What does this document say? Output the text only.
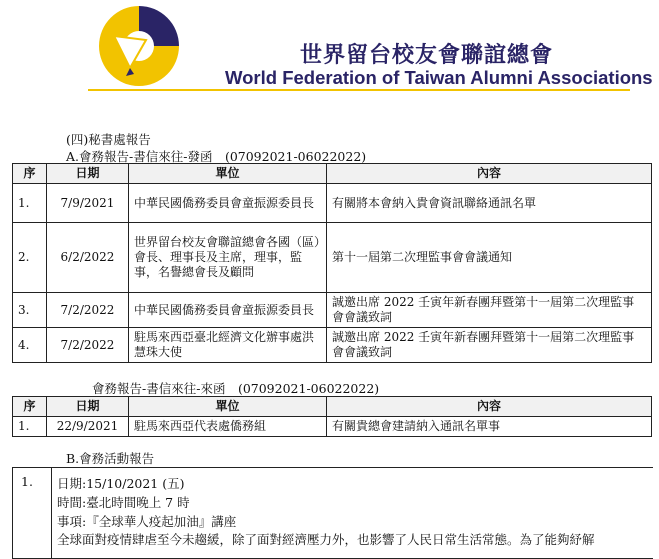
世界留台校友會聯誼總會
World Federation of Taiwan Alumni Associations
(四)秘書處報告
A.會務報告-書信來往-發函　(07092021-06022022)
序	日期	單位	內容
1.	7/9/2021	中華民國僑務委員會童振源委員長	有關將本會納入貴會資訊聯絡通訊名單
2.	6/2/2022	世界留台校友會聯誼總會各國（區）會長、理事長及主席，理事，監事，名譽總會長及顧問	第十一屆第二次理監事會會議通知
3.	7/2/2022	中華民國僑務委員會童振源委員長	誠邀出席 2022 壬寅年新春團拜暨第十一屆第二次理監事會會議致詞
4.	7/2/2022	駐馬來西亞臺北經濟文化辦事處洪慧珠大使	誠邀出席 2022 壬寅年新春團拜暨第十一屆第二次理監事會會議致詞
會務報告-書信來往-來函　(07092021-06022022)
序	日期	單位	內容
1.	22/9/2021	駐馬來西亞代表處僑務組	有關貴總會建請納入通訊名單事
B.會務活動報告
1. 日期:15/10/2021 (五)
時間:臺北時間晚上 7 時
事項:『全球華人疫起加油』講座
全球面對疫情肆虐至今未趨緩，除了面對經濟壓力外，也影響了人民日常生活常態。為了能夠紓解
